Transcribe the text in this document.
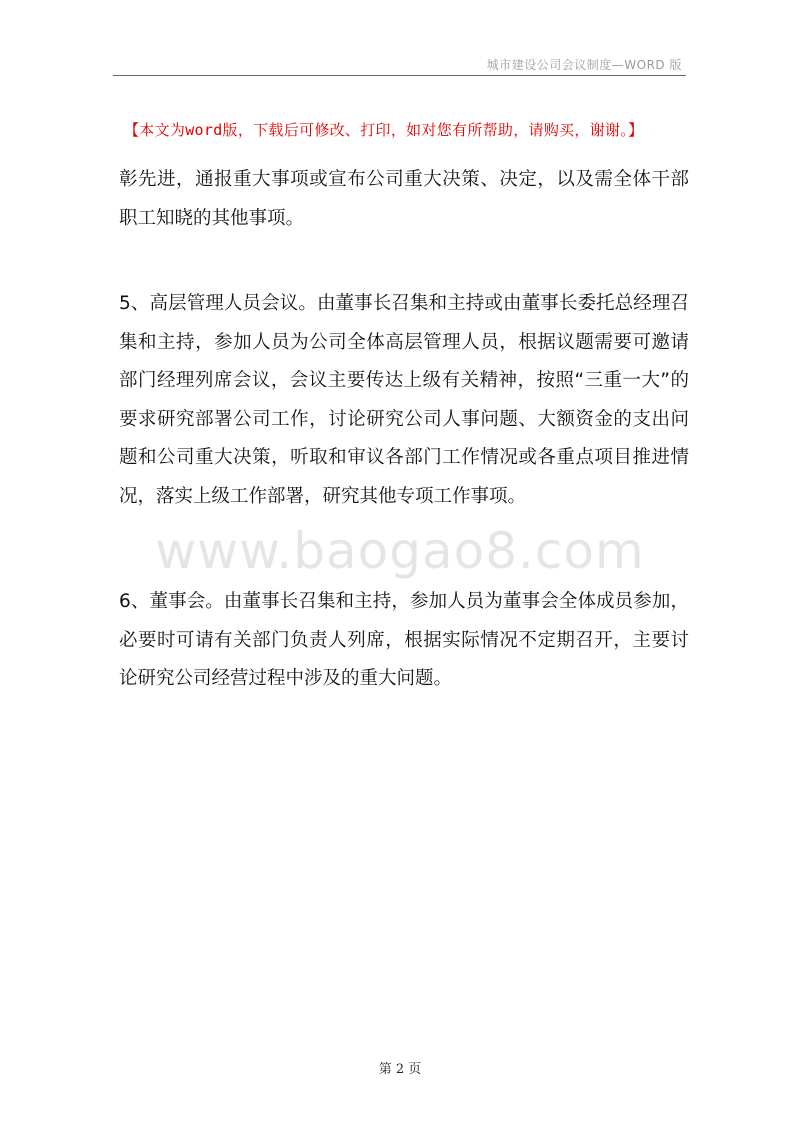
城市建设公司会议制度—WORD 版
【本文为word版，下载后可修改、打印，如对您有所帮助，请购买，谢谢。】

彰先进，通报重大事项或宣布公司重大决策、决定，以及需全体干部职工知晓的其他事项。

5、高层管理人员会议。由董事长召集和主持或由董事长委托总经理召集和主持，参加人员为公司全体高层管理人员，根据议题需要可邀请部门经理列席会议，会议主要传达上级有关精神，按照“三重一大”的要求研究部署公司工作，讨论研究公司人事问题、大额资金的支出问题和公司重大决策，听取和审议各部门工作情况或各重点项目推进情况，落实上级工作部署，研究其他专项工作事项。

www.baogao8.com

6、董事会。由董事长召集和主持，参加人员为董事会全体成员参加，必要时可请有关部门负责人列席，根据实际情况不定期召开，主要讨论研究公司经营过程中涉及的重大问题。

第 2 页
